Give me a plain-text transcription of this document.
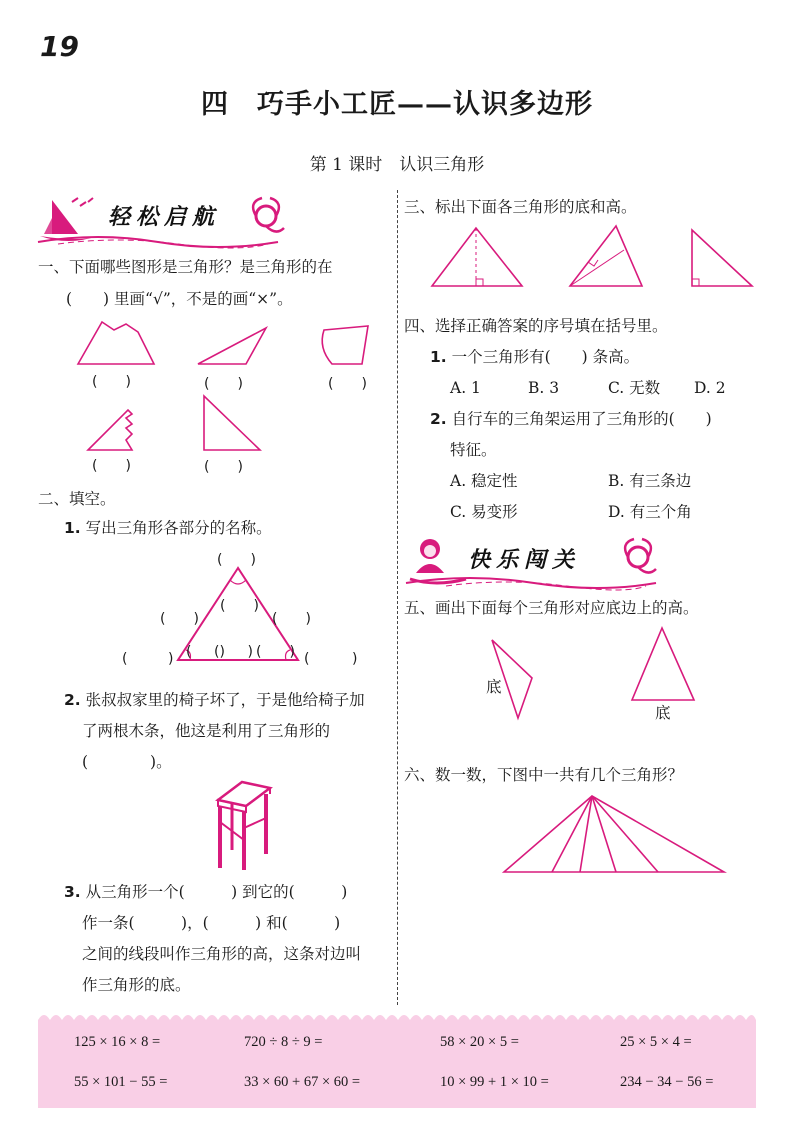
19
四　巧手小工匠——认识多边形
第 1 课时　认识三角形
轻松启航
一、下面哪些图形是三角形？是三角形的在
(　　) 里画“√”，不是的画“×”。
(　　)	(　　)	(　　)
(　　)	(　　)
二、填空。
1. 写出三角形各部分的名称。
(　　)
(　　)
(　　)	(　　)
(　　)
(　　) (　　)
(	)	(	)
2. 张叔叔家里的椅子坏了，于是他给椅子加
了两根木条，他这是利用了三角形的
(　　　　)。
3. 从三角形一个(　　　) 到它的(　　　)
作一条(　　　)，(　　　) 和(　　　)
之间的线段叫作三角形的高，这条对边叫
作三角形的底。
三、标出下面各三角形的底和高。
四、选择正确答案的序号填在括号里。
1. 一个三角形有(　　) 条高。
A. 1	B. 3	C. 无数 D. 2
2. 自行车的三角架运用了三角形的(　　)
特征。
A. 稳定性	B. 有三条边
C. 易变形	D. 有三个角
快乐闯关
五、画出下面每个三角形对应底边上的高。
底
底
六、数一数，下图中一共有几个三角形？
125 × 16 × 8 =	720 ÷ 8 ÷ 9 =	58 × 20 × 5 =	25 × 5 × 4 =
55 × 101 − 55 =	33 × 60 + 67 × 60 =	10 × 99 + 1 × 10 =	234 − 34 − 56 =
